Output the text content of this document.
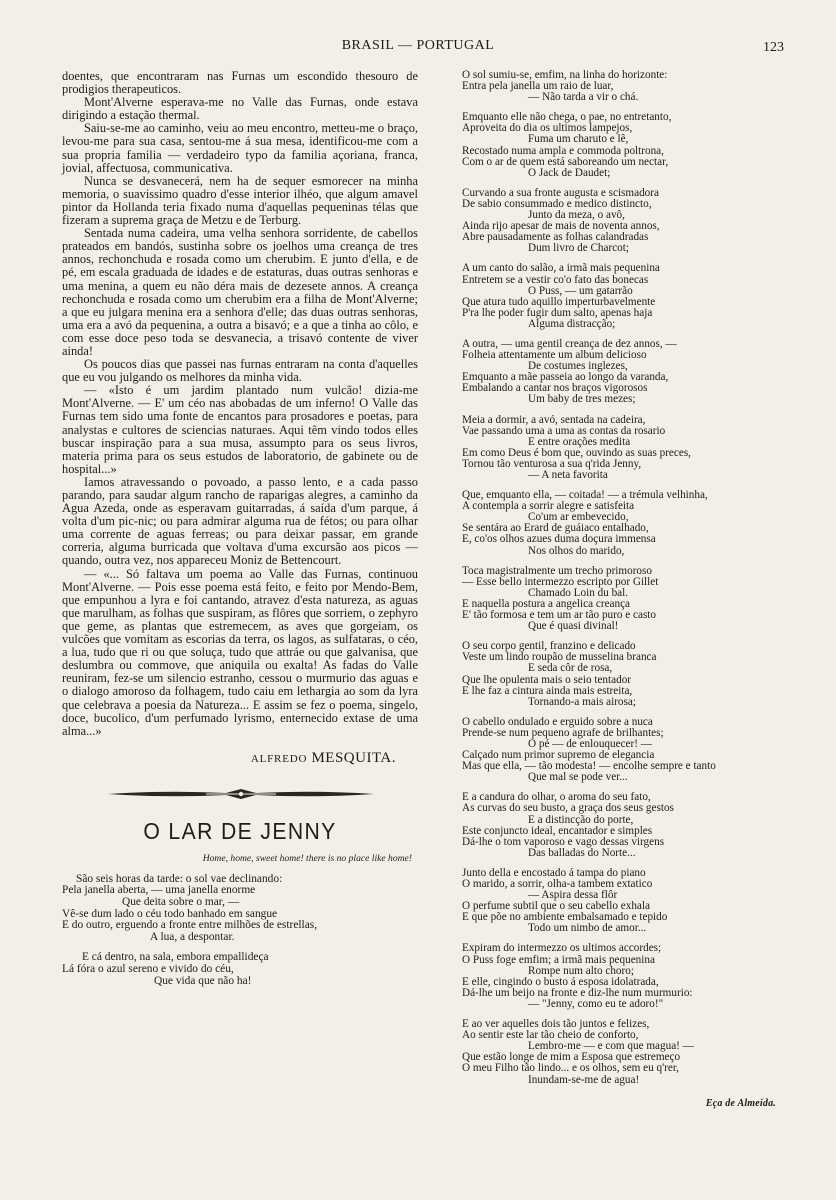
BRASIL — PORTUGAL	123

doentes, que encontraram nas Furnas um escondido thesouro de prodigios therapeuticos.

Mont'Alverne esperava-me no Valle das Furnas, onde estava dirigindo a estação thermal.

Saiu-se-me ao caminho, veiu ao meu encontro, metteu-me o braço, levou-me para sua casa, sentou-me á sua mesa, identificou-me com a sua propria familia — verdadeiro typo da familia açoriana, franca, jovial, affectuosa, communicativa.

Nunca se desvanecerá, nem ha de sequer esmorecer na minha memoria, o suavissimo quadro d'esse interior ilhéo, que algum amavel pintor da Hollanda teria fixado numa d'aquellas pequeninas télas que fizeram a suprema graça de Metzu e de Terburg.

Sentada numa cadeira, uma velha senhora sorridente, de cabellos prateados em bandós, sustinha sobre os joelhos uma creança de tres annos, rechonchuda e rosada como um cherubim. E junto d'ella, e de pé, em escala graduada de idades e de estaturas, duas outras senhoras e uma menina, a quem eu não déra mais de dezesete annos. A creança rechonchuda e rosada como um cherubim era a filha de Mont'Alverne; a que eu julgara menina era a senhora d'elle; das duas outras senhoras, uma era a avó da pequenina, a outra a bisavó; e a que a tinha ao côlo, e com esse doce peso toda se desvanecia, a trisavó contente de viver ainda!

Os poucos dias que passei nas furnas entraram na conta d'aquelles que eu vou julgando os melhores da minha vida.

— «Isto é um jardim plantado num vulcão! dizia-me Mont'Alverne. — E' um céo nas abobadas de um inferno! O Valle das Furnas tem sido uma fonte de encantos para prosadores e poetas, para analystas e cultores de sciencias naturaes. Aqui têm vindo todos elles buscar inspiração para a sua musa, assumpto para os seus livros, materia prima para os seus estudos de laboratorio, de gabinete ou de hospital...»

Iamos atravessando o povoado, a passo lento, e a cada passo parando, para saudar algum rancho de raparigas alegres, a caminho da Agua Azeda, onde as esperavam guitarradas, á saída d'um parque, á volta d'um pic-nic; ou para admirar alguma rua de fétos; ou para olhar uma corrente de aguas ferreas; ou para deixar passar, em grande correria, alguma burricada que voltava d'uma excursão aos picos — quando, outra vez, nos appareceu Moniz de Bettencourt.

— «... Só faltava um poema ao Valle das Furnas, continuou Mont'Alverne. — Pois esse poema está feito, e feito por Mendo-Bem, que empunhou a lyra e foi cantando, atravez d'esta natureza, as aguas que marulham, as folhas que suspiram, as flôres que sorriem, o zephyro que geme, as plantas que estremecem, as aves que gorgeiam, os vulcões que vomitam as escorias da terra, os lagos, as sulfataras, o céo, a lua, tudo que ri ou que soluça, tudo que attráe ou que galvanisa, que deslumbra ou commove, que aniquila ou exalta! As fadas do Valle reuniram, fez-se um silencio estranho, cessou o murmurio das aguas e o dialogo amoroso da folhagem, tudo caiu em lethargia ao som da lyra que celebrava a poesia da Natureza... E assim se fez o poema, singelo, doce, bucolico, d'um perfumado lyrismo, enternecido extase de uma alma...»

ALFREDO MESQUITA.
O LAR DE JENNY
Home, home, sweet home! there is no place like home!
São seis horas da tarde: o sol vae declinando:
Pela janella aberta, — uma janella enorme
Que deita sobre o mar, —
Vê-se dum lado o céu todo banhado em sangue
E do outro, erguendo a fronte entre milhões de estrellas,
A lua, a despontar.
E cá dentro, na sala, embora empallideça
Lá fóra o azul sereno e vivido do céu,
Que vida que não ha!
O sol sumiu-se, emfim, na linha do horizonte:
Entra pela janella um raio de luar,
— Não tarda a vir o chá.
Emquanto elle não chega, o pae, no entretanto,
Aproveita do dia os ultimos lampejos,
Fuma um charuto e lê,
Recostado numa ampla e commoda poltrona,
Com o ar de quem está saboreando um nectar,
O Jack de Daudet;
Curvando a sua fronte augusta e scismadora
De sabio consummado e medico distincto,
Junto da meza, o avô,
Ainda rijo apesar de mais de noventa annos,
Abre pausadamente as folhas calandradas
Dum livro de Charcot;
A um canto do salão, a irmã mais pequenina
Entretem se a vestir co'o fato das bonecas
O Puss, — um gatarrão
Que atura tudo aquillo imperturbavelmente
P'ra lhe poder fugir dum salto, apenas haja
Alguma distracção;
A outra, — uma gentil creança de dez annos, —
Folheia attentamente um album delicioso
De costumes inglezes,
Emquanto a mãe passeia ao longo da varanda,
Embalando a cantar nos braços vigorosos
Um baby de tres mezes;
Meia a dormir, a avó, sentada na cadeira,
Vae passando uma a uma as contas da rosario
E entre orações medita
Em como Deus é bom que, ouvindo as suas preces,
Tornou tão venturosa a sua q'rida Jenny,
— A neta favorita
Que, emquanto ella, — coitada! — a trémula velhinha,
A contempla a sorrir alegre e satisfeita
Co'um ar embevecido,
Se sentára ao Erard de guáiaco entalhado,
E, co'os olhos azues duma doçura immensa
Nos olhos do marido,
Toca magistralmente um trecho primoroso
— Esse bello intermezzo escripto por Gillet
Chamado Loin du bal.
E naquella postura a angelica creança
E' tão formosa e tem um ar tão puro e casto
Que é quasi divinal!
O seu corpo gentil, franzino e delicado
Veste um lindo roupão de musselina branca
E seda côr de rosa,
Que lhe opulenta mais o seio tentador
E lhe faz a cintura ainda mais estreita,
Tornando-a mais airosa;
O cabello ondulado e erguido sobre a nuca
Prende-se num pequeno agrafe de brilhantes;
O pé — de enlouquecer! —
Calçado num primor supremo de elegancia
Mas que ella, — tão modesta! — encolhe sempre e tanto
Que mal se pode ver...
E a candura do olhar, o aroma do seu fato,
As curvas do seu busto, a graça dos seus gestos
E a distincção do porte,
Este conjuncto ideal, encantador e simples
Dá-lhe o tom vaporoso e vago dessas virgens
Das balladas do Norte...
Junto della e encostado á tampa do piano
O marido, a sorrir, olha-a tambem extatico
— Aspira dessa flôr
O perfume subtil que o seu cabello exhala
E que põe no ambiente embalsamado e tepido
Todo um nimbo de amor...
Expiram do intermezzo os ultimos accordes;
O Puss foge emfim; a irmã mais pequenina
Rompe num alto choro;
E elle, cingindo o busto á esposa idolatrada,
Dá-lhe um beijo na fronte e diz-lhe num murmurio:
— "Jenny, como eu te adoro!"
E ao ver aquelles dois tão juntos e felizes,
Ao sentir este lar tão cheio de conforto,
Lembro-me — e com que magua! —
Que estão longe de mim a Esposa que estremeço
O meu Filho tão lindo... e os olhos, sem eu q'rer,
Inundam-se-me de agua!
Eça de Almeida.
